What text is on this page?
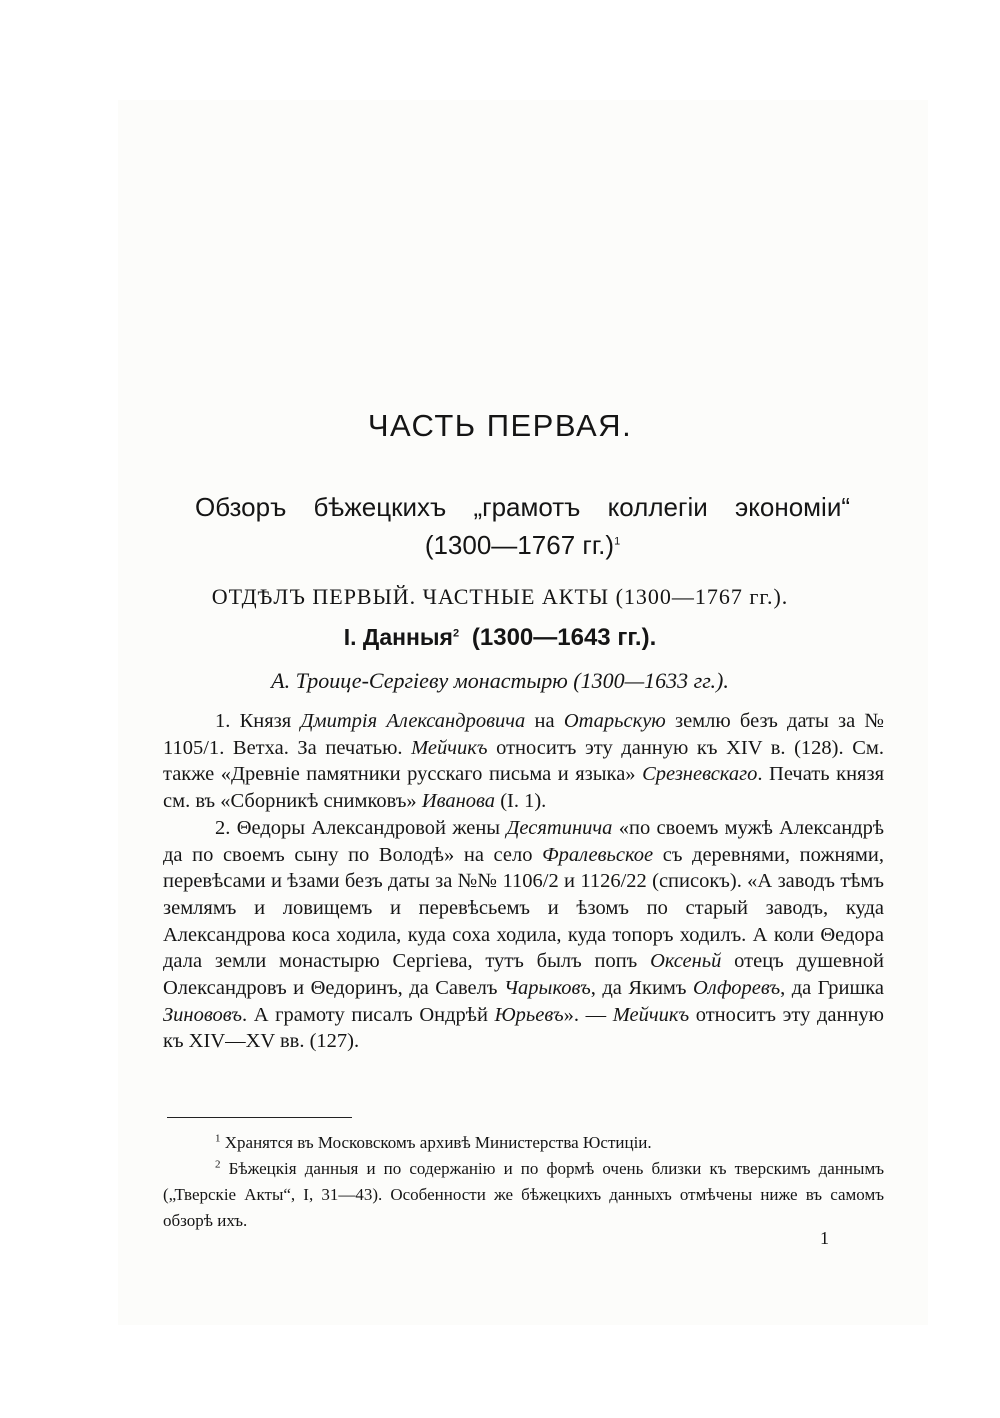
ЧАСТЬ ПЕРВАЯ.
Обзоръ бѣжецкихъ „грамотъ коллегіи экономіи“
(1300—1767 гг.)$^1$
ОТДѢЛЪ ПЕРВЫЙ. ЧАСТНЫЕ АКТЫ (1300—1767 гг.).
I. Данныя$^2$ (1300—1643 гг.).
А. Троице-Сергіеву монастырю (1300—1633 гг.).

1. Князя Дмитрія Александровича на Отарьскую землю безъ даты за № 1105/1. Ветха. За печатью. Мейчикъ относитъ эту данную къ XIV в. (128). См. также «Древніе памятники русскаго письма и языка» Срезневскаго. Печать князя см. въ «Сборникѣ снимковъ» Иванова (I. 1).

2. Θедоры Александровой жены Десятинича «по своемъ мужѣ Александрѣ да по своемъ сыну по Володѣ» на село Фралевьское съ деревнями, пожнями, перевѣсами и ѣзами безъ даты за №№ 1106/2 и 1126/22 (списокъ). «А заводъ тѣмъ землямъ и ловищемъ и перевѣсьемъ и ѣзомъ по старый заводъ, куда Александрова коса ходила, куда соха ходила, куда топоръ ходилъ. А коли Θедора дала земли монастырю Сергіева, тутъ былъ попъ Оксеньй отецъ душевной Олександровъ и Θедоринъ, да Савелъ Чарыковъ, да Якимъ Олфоревъ, да Гришка Зинововъ. А грамоту писалъ Ондрѣй Юрьевъ». — Мейчикъ относитъ эту данную къ XIV—XV вв. (127).

$^1$ Хранятся въ Московскомъ архивѣ Министерства Юстиціи.

$^2$ Бѣжецкія данныя и по содержанію и по формѣ очень близки къ тверскимъ даннымъ („Тверскіе Акты“, I, 31—43). Особенности же бѣжецкихъ данныхъ отмѣчены ниже въ самомъ обзорѣ ихъ.

1
